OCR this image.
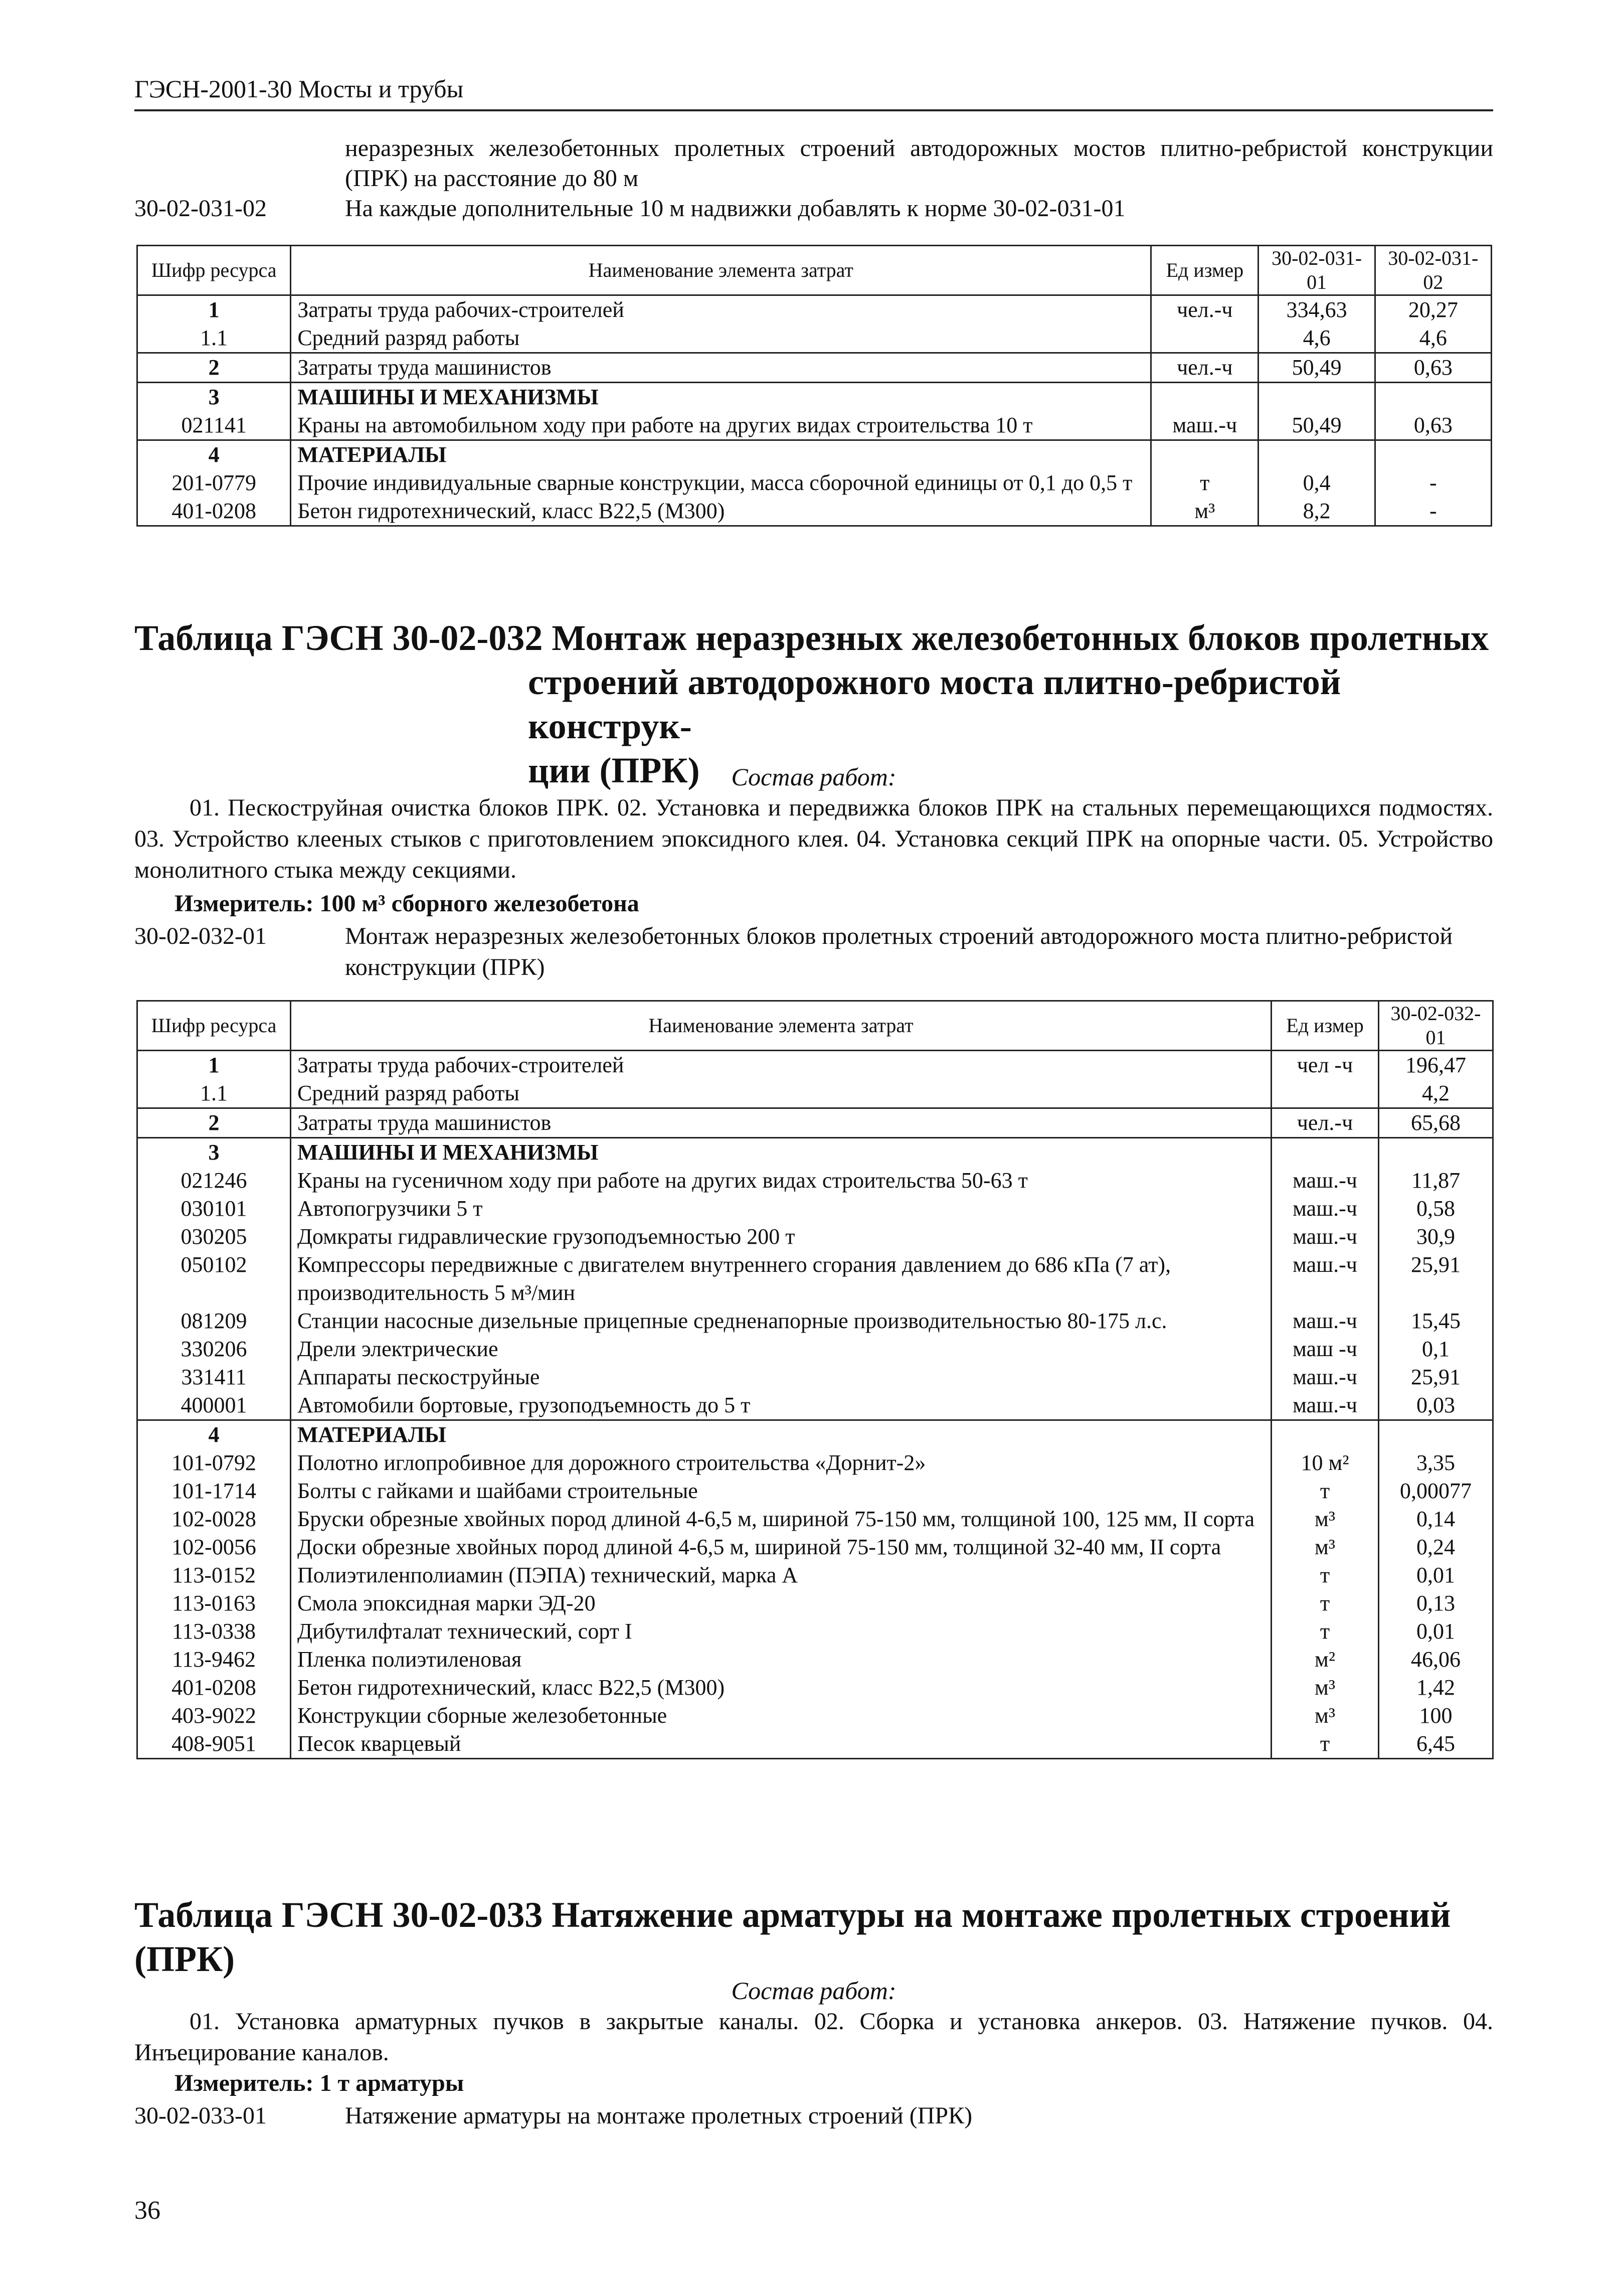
ГЭСН-2001-30 Мосты и трубы
неразрезных железобетонных пролетных строений автодорожных мостов плитно-ребристой конструкции (ПРК) на расстояние до 80 м
30-02-031-02	На каждые дополнительные 10 м надвижки добавлять к норме 30-02-031-01
Шифр ресурса	Наименование элемента затрат	Ед измер	30-02-031-01	30-02-031-02
1	Затраты труда рабочих-строителей	чел.-ч	334,63	20,27
1.1	Средний разряд работы		4,6	4,6
2	Затраты труда машинистов	чел.-ч	50,49	0,63
3	МАШИНЫ И МЕХАНИЗМЫ			
021141	Краны на автомобильном ходу при работе на других видах строительства 10 т	маш.-ч	50,49	0,63
4	МАТЕРИАЛЫ			
201-0779	Прочие индивидуальные сварные конструкции, масса сборочной единицы от 0,1 до 0,5 т	т	0,4	-
401-0208	Бетон гидротехнический, класс В22,5 (М300)	м³	8,2	-
Таблица ГЭСН 30-02-032 Монтаж неразрезных железобетонных блоков пролетных
строений автодорожного моста плитно-ребристой конструк-
ции (ПРК)	Состав работ:
01. Пескоструйная очистка блоков ПРК. 02. Установка и передвижка блоков ПРК на стальных перемещающихся подмостях. 03. Устройство клееных стыков с приготовлением эпоксидного клея. 04. Установка секций ПРК на опорные части. 05. Устройство монолитного стыка между секциями.
Измеритель: 100 м³ сборного железобетона
30-02-032-01	Монтаж неразрезных железобетонных блоков пролетных строений автодорожного моста плитно-ребристой конструкции (ПРК)
Шифр ресурса	Наименование элемента затрат	Ед измер	30-02-032-01
1	Затраты труда рабочих-строителей	чел -ч	196,47
1.1	Средний разряд работы		4,2
2	Затраты труда машинистов	чел.-ч	65,68
3	МАШИНЫ И МЕХАНИЗМЫ		
021246	Краны на гусеничном ходу при работе на других видах строительства 50-63 т	маш.-ч	11,87
030101	Автопогрузчики 5 т	маш.-ч	0,58
030205	Домкраты гидравлические грузоподъемностью 200 т	маш.-ч	30,9
050102	Компрессоры передвижные с двигателем внутреннего сгорания давлением до 686 кПа (7 ат), производительность 5 м³/мин	маш.-ч	25,91
081209	Станции насосные дизельные прицепные средненапорные производительностью 80-175 л.с.	маш.-ч	15,45
330206	Дрели электрические	маш -ч	0,1
331411	Аппараты пескоструйные	маш.-ч	25,91
400001	Автомобили бортовые, грузоподъемность до 5 т	маш.-ч	0,03
4	МАТЕРИАЛЫ		
101-0792	Полотно иглопробивное для дорожного строительства «Дорнит-2»	10 м²	3,35
101-1714	Болты с гайками и шайбами строительные	т	0,00077
102-0028	Бруски обрезные хвойных пород длиной 4-6,5 м, шириной 75-150 мм, толщиной 100, 125 мм, II сорта	м³	0,14
102-0056	Доски обрезные хвойных пород длиной 4-6,5 м, шириной 75-150 мм, толщиной 32-40 мм, II сорта	м³	0,24
113-0152	Полиэтиленполиамин (ПЭПА) технический, марка А	т	0,01
113-0163	Смола эпоксидная марки ЭД-20	т	0,13
113-0338	Дибутилфталат технический, сорт I	т	0,01
113-9462	Пленка полиэтиленовая	м²	46,06
401-0208	Бетон гидротехнический, класс В22,5 (М300)	м³	1,42
403-9022	Конструкции сборные железобетонные	м³	100
408-9051	Песок кварцевый	т	6,45
Таблица ГЭСН 30-02-033 Натяжение арматуры на монтаже пролетных строений (ПРК)
Состав работ:
01. Установка арматурных пучков в закрытые каналы. 02. Сборка и установка анкеров. 03. Натяжение пучков. 04. Инъецирование каналов.
Измеритель: 1 т арматуры
30-02-033-01	Натяжение арматуры на монтаже пролетных строений (ПРК)
36
